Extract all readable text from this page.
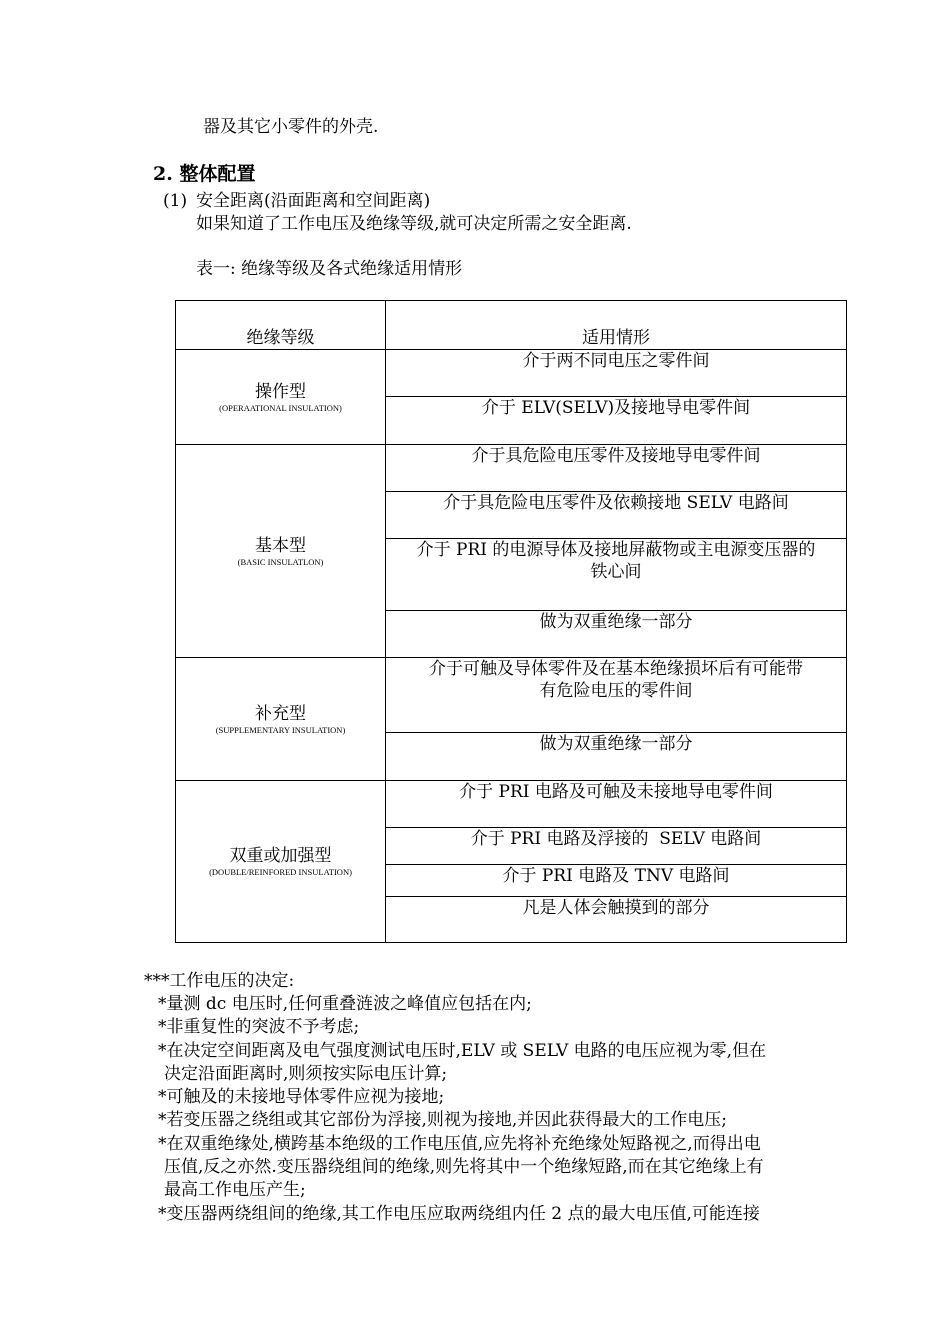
器及其它小零件的外壳.
2. 整体配置
(1) 安全距离(沿面距离和空间距离)
如果知道了工作电压及绝缘等级,就可决定所需之安全距离.
表一: 绝缘等级及各式绝缘适用情形
绝缘等级	适用情形

操作型
(OPERAATIONAL INSULATION)	介于两不同电压之零件间
	介于 ELV(SELV)及接地导电零件间

基本型
(BASIC INSULATLON)	介于具危险电压零件及接地导电零件间
	介于具危险电压零件及依赖接地 SELV 电路间
	介于 PRI 的电源导体及接地屏蔽物或主电源变压器的铁心间
	做为双重绝缘一部分

补充型
(SUPPLEMENTARY INSULATION)	介于可触及导体零件及在基本绝缘损坏后有可能带有危险电压的零件间
	做为双重绝缘一部分

双重或加强型
(DOUBLE/REINFORED INSULATION)	介于 PRI 电路及可触及未接地导电零件间
	介于 PRI 电路及浮接的  SELV 电路间
	介于 PRI 电路及 TNV 电路间
	凡是人体会触摸到的部分
***工作电压的决定:
*量测 dc 电压时,任何重叠涟波之峰值应包括在内;
*非重复性的突波不予考虑;
*在决定空间距离及电气强度测试电压时,ELV 或 SELV 电路的电压应视为零,但在
决定沿面距离时,则须按实际电压计算;
*可触及的未接地导体零件应视为接地;
*若变压器之绕组或其它部份为浮接,则视为接地,并因此获得最大的工作电压;
*在双重绝缘处,横跨基本绝级的工作电压值,应先将补充绝缘处短路视之,而得出电
压值,反之亦然.变压器绕组间的绝缘,则先将其中一个绝缘短路,而在其它绝缘上有
最高工作电压产生;
*变压器两绕组间的绝缘,其工作电压应取两绕组内任 2 点的最大电压值,可能连接
